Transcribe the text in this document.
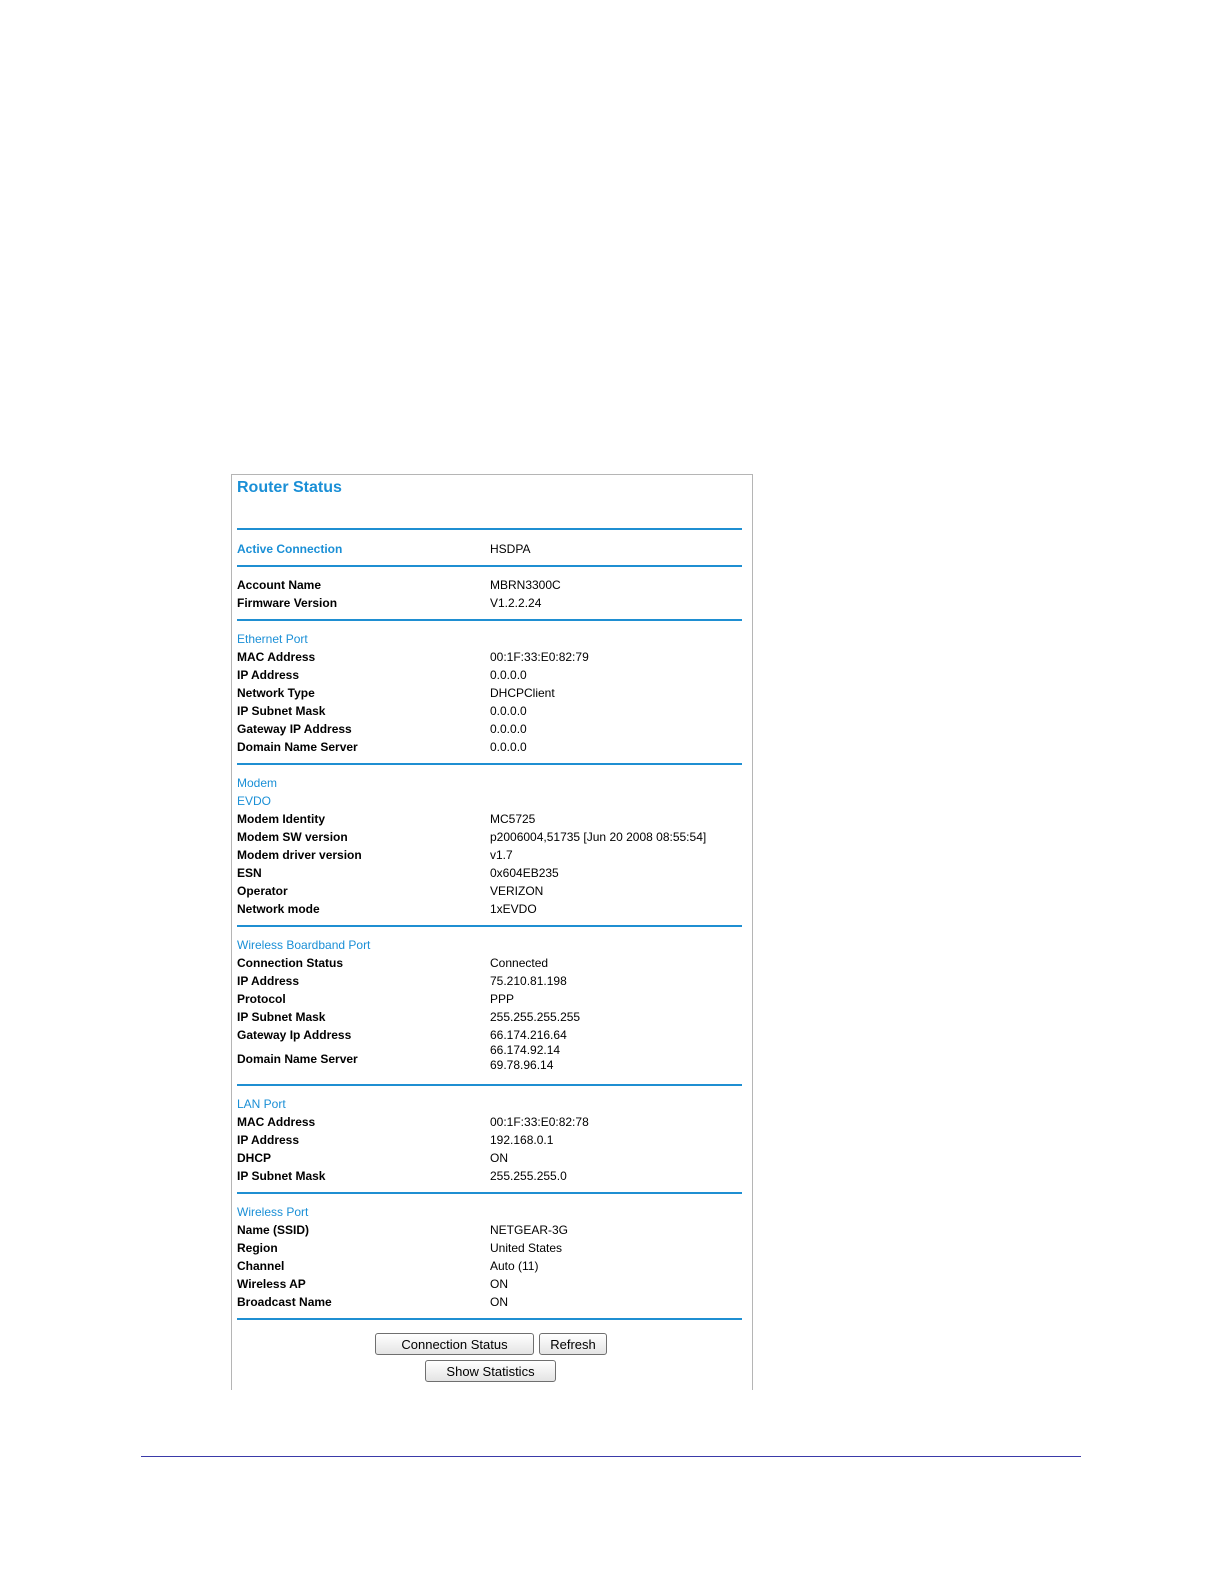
Router Status
Active Connection	HSDPA
Account Name	MBRN3300C
Firmware Version	V1.2.2.24
Ethernet Port
MAC Address	00:1F:33:E0:82:79
IP Address	0.0.0.0
Network Type	DHCPClient
IP Subnet Mask	0.0.0.0
Gateway IP Address	0.0.0.0
Domain Name Server	0.0.0.0
Modem
EVDO
Modem Identity	MC5725
Modem SW version	p2006004,51735 [Jun 20 2008 08:55:54]
Modem driver version	v1.7
ESN	0x604EB235
Operator	VERIZON
Network mode	1xEVDO
Wireless Boardband Port
Connection Status	Connected
IP Address	75.210.81.198
Protocol	PPP
IP Subnet Mask	255.255.255.255
Gateway Ip Address	66.174.216.64
Domain Name Server
66.174.92.14
69.78.96.14
LAN Port
MAC Address	00:1F:33:E0:82:78
IP Address	192.168.0.1
DHCP	ON
IP Subnet Mask	255.255.255.0
Wireless Port
Name (SSID)	NETGEAR-3G
Region	United States
Channel	Auto (11)
Wireless AP	ON
Broadcast Name	ON
Connection Status	Refresh
Show Statistics
